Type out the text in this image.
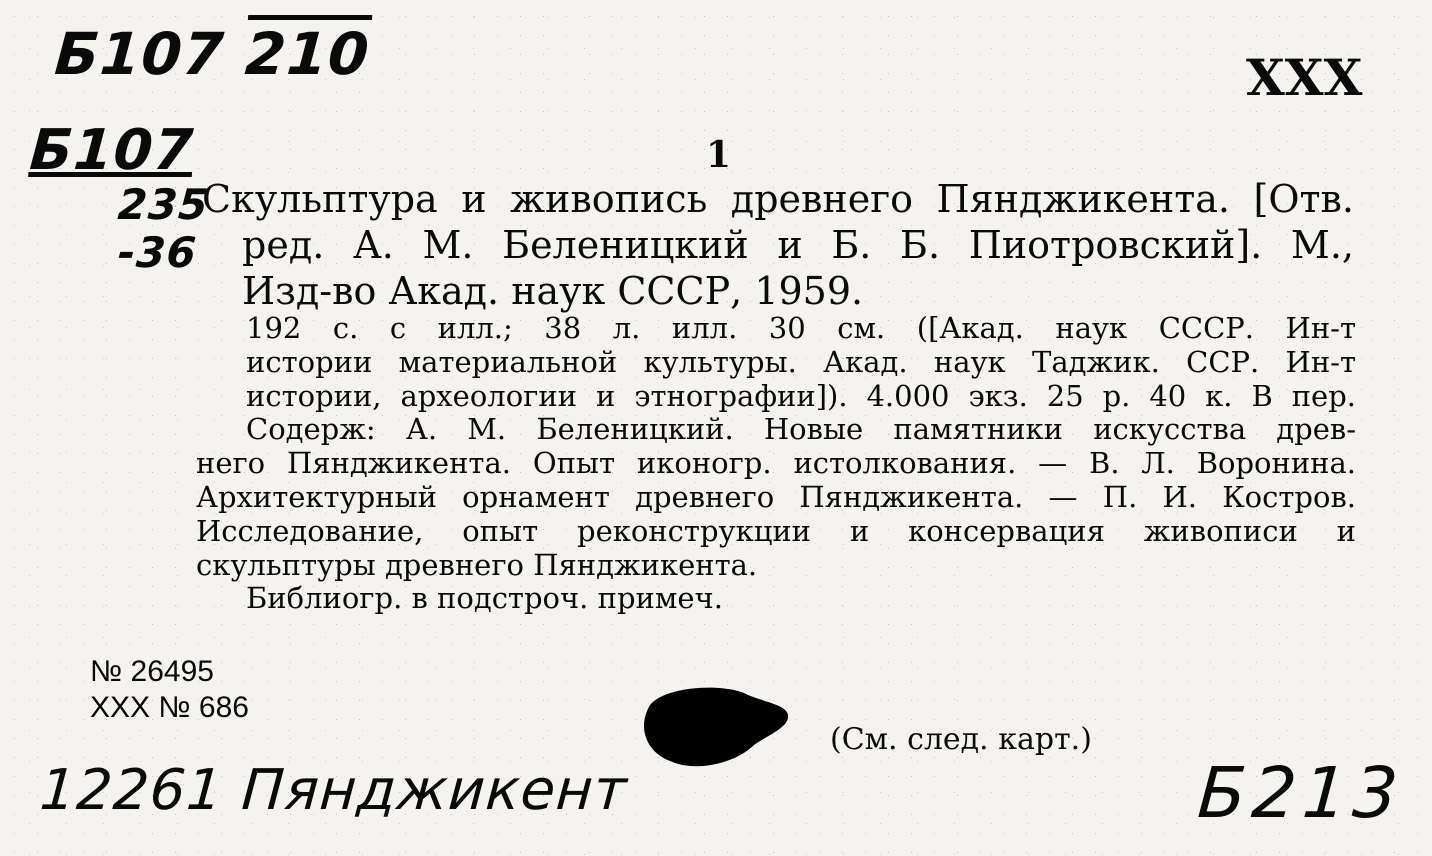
Б107 210
Б107
235
-36
XXX
1
Скульптура и живопись древнего Пянджикента. [Отв.
ред. А. М. Беленицкий и Б. Б. Пиотровский]. М.,
Изд-во Акад. наук СССР, 1959.
192 с. с илл.; 38 л. илл. 30 см. ([Акад. наук СССР. Ин-т
истории материальной культуры. Акад. наук Таджик. ССР. Ин-т
истории, археологии и этнографии]). 4.000 экз. 25 р. 40 к. В пер.
Содерж: А. М. Беленицкий. Новые памятники искусства древ-
него Пянджикента. Опыт иконогр. истолкования. — В. Л. Воронина.
Архитектурный орнамент древнего Пянджикента. — П. И. Костров.
Исследование, опыт реконструкции и консервация живописи и
скульптуры древнего Пянджикента.
Библиогр. в подстроч. примеч.
№ 26495
XXX № 686
(См. след. карт.)
12261 Пянджикент	Б213
